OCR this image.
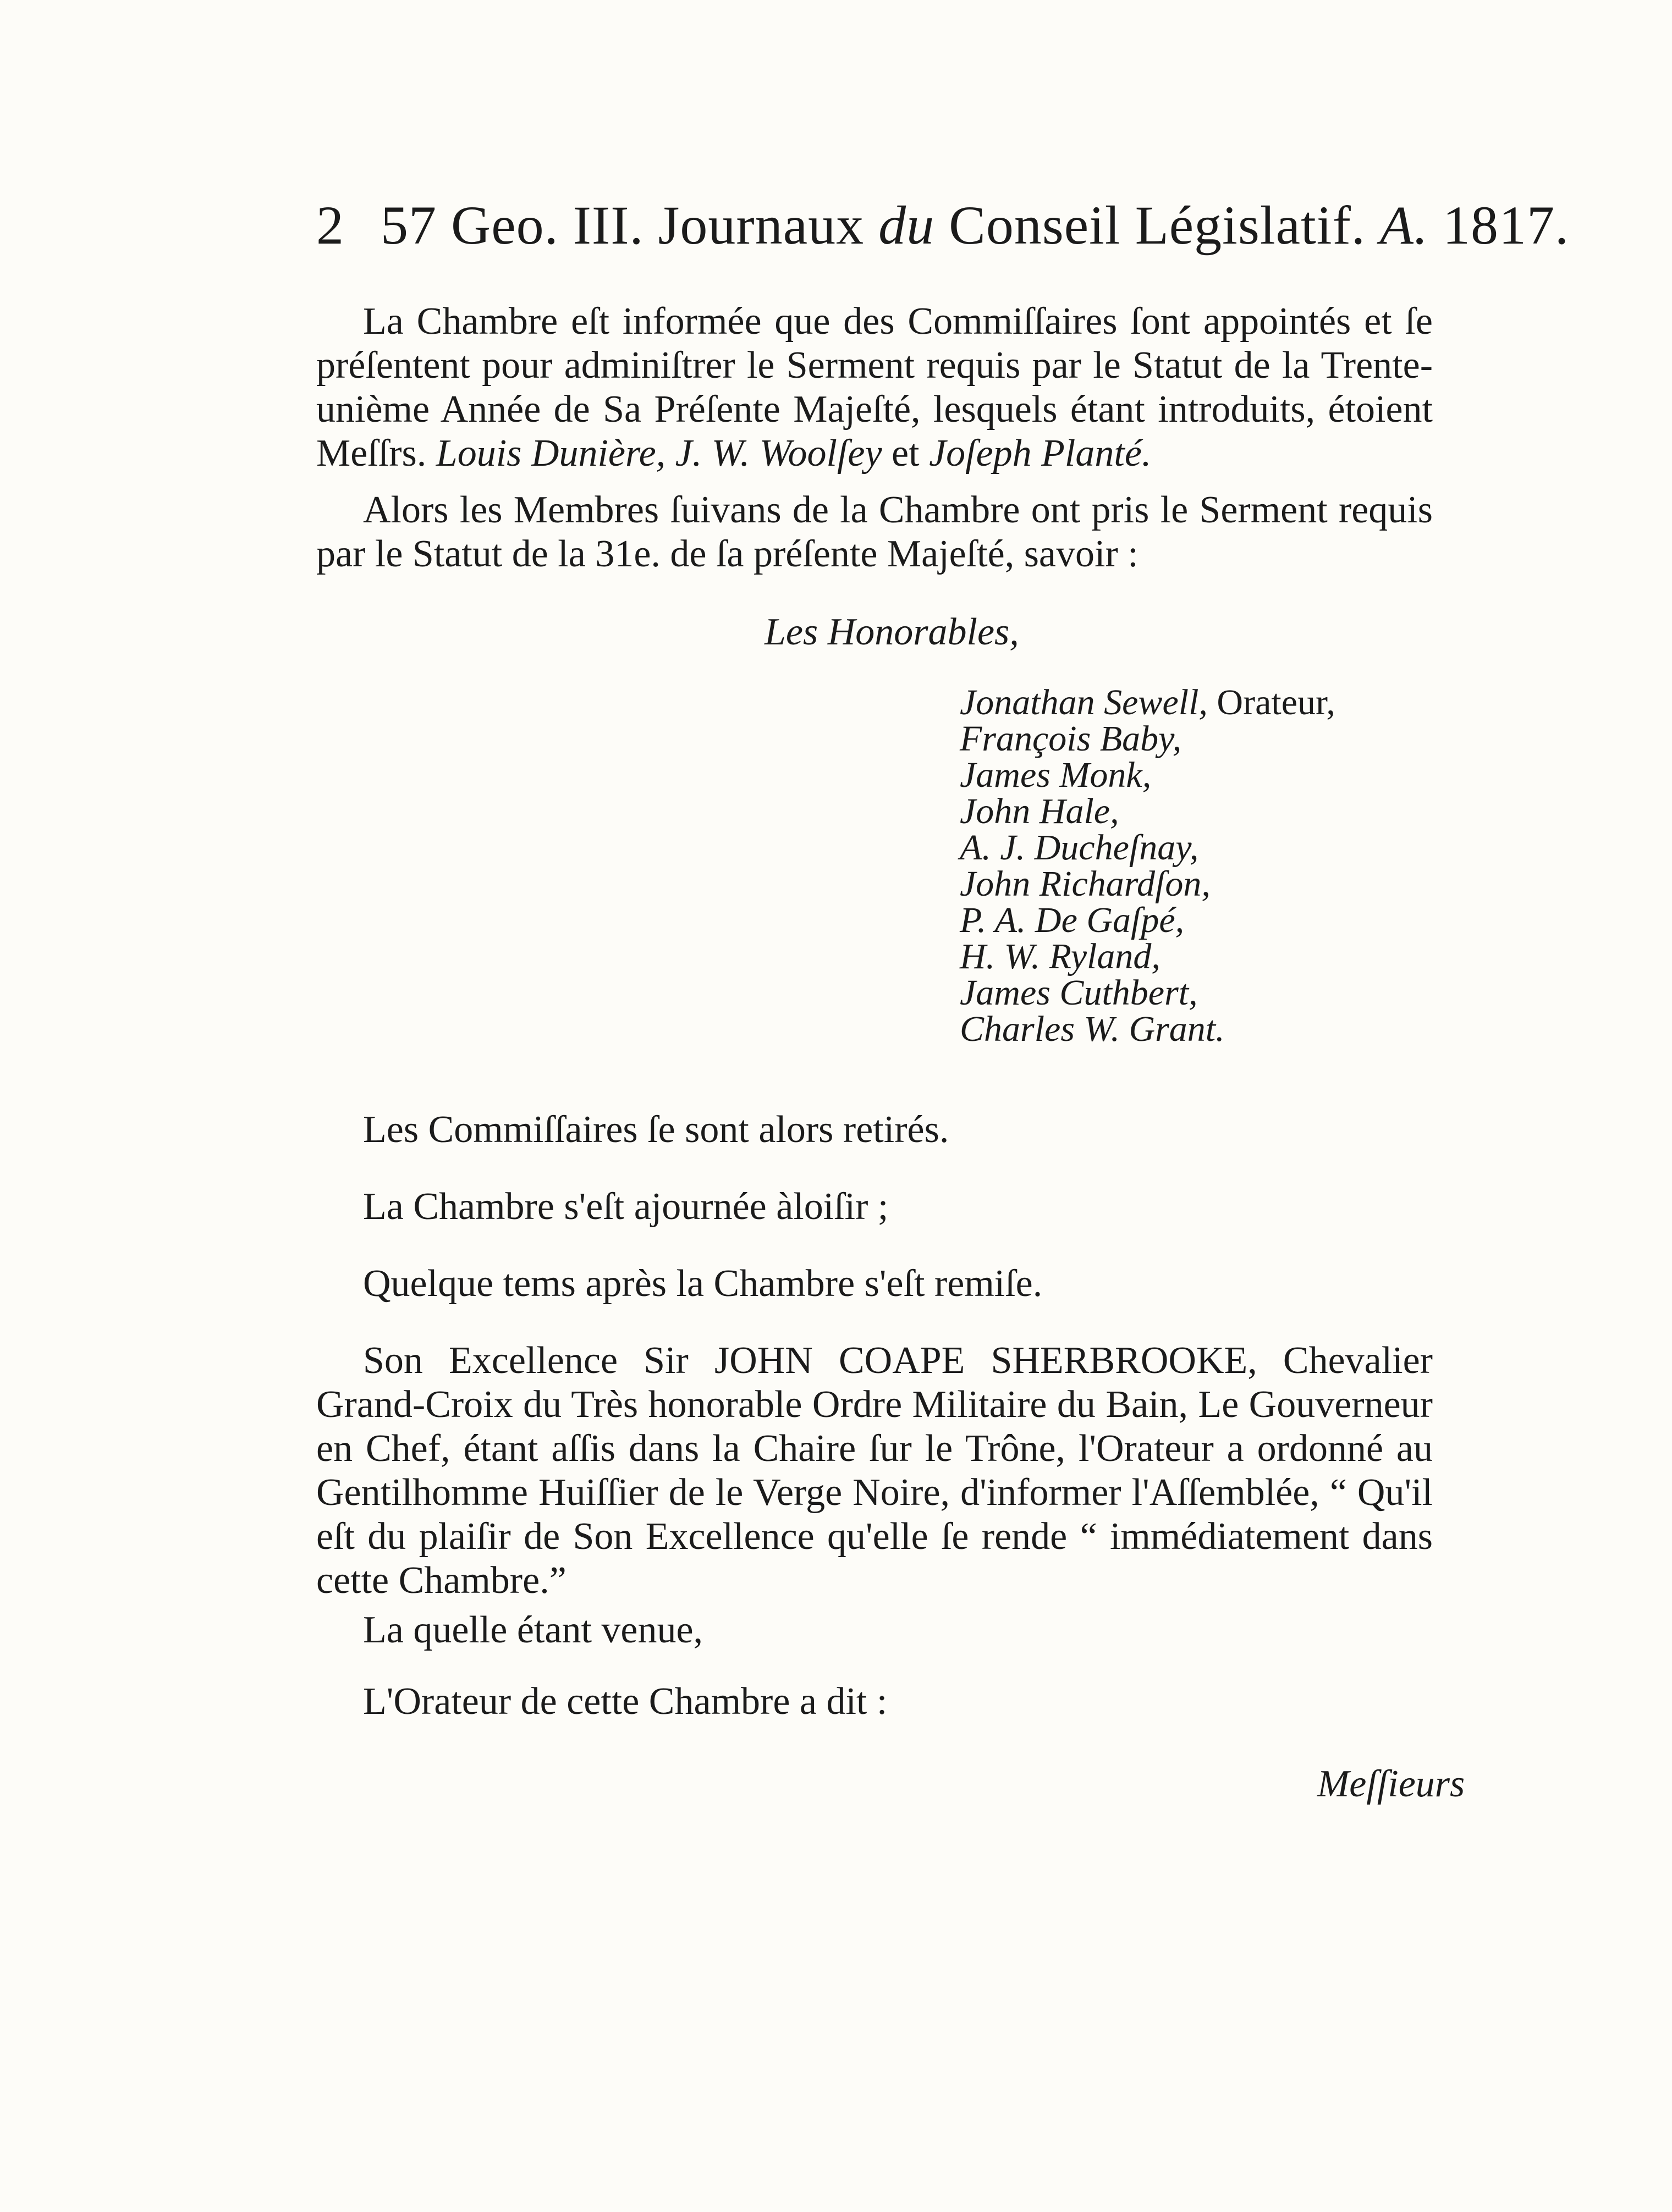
2 57 Geo. III. Journaux du Conseil Législatif. A. 1817.
La Chambre eſt informée que des Commiſſaires ſont appointés et ſe préſentent pour adminiſtrer le Serment requis par le Statut de la Trente-unième Année de Sa Préſente Majeſté, lesquels étant introduits, étoient Meſſrs. Louis Dunière, J. W. Woolſey et Joſeph Planté.
Alors les Membres ſuivans de la Chambre ont pris le Serment requis par le Statut de la 31e. de ſa préſente Majeſté, savoir :
Les Honorables,
Jonathan Sewell, Orateur,
François Baby,
James Monk,
John Hale,
A. J. Ducheſnay,
John Richardſon,
P. A. De Gaſpé,
H. W. Ryland,
James Cuthbert,
Charles W. Grant.
Les Commiſſaires ſe sont alors retirés.
La Chambre s'eſt ajournée àloiſir ;
Quelque tems après la Chambre s'eſt remiſe.
Son Excellence Sir JOHN COAPE SHERBROOKE, Chevalier Grand-Croix du Très honorable Ordre Militaire du Bain, Le Gouverneur en Chef, étant aſſis dans la Chaire ſur le Trône, l'Orateur a ordonné au Gentilhomme Huiſſier de le Verge Noire, d'informer l'Aſſemblée, “ Qu'il eſt du plaiſir de Son Excellence qu'elle ſe rende “ immédiatement dans cette Chambre.”
La quelle étant venue,
L'Orateur de cette Chambre a dit :
Meſſieurs
